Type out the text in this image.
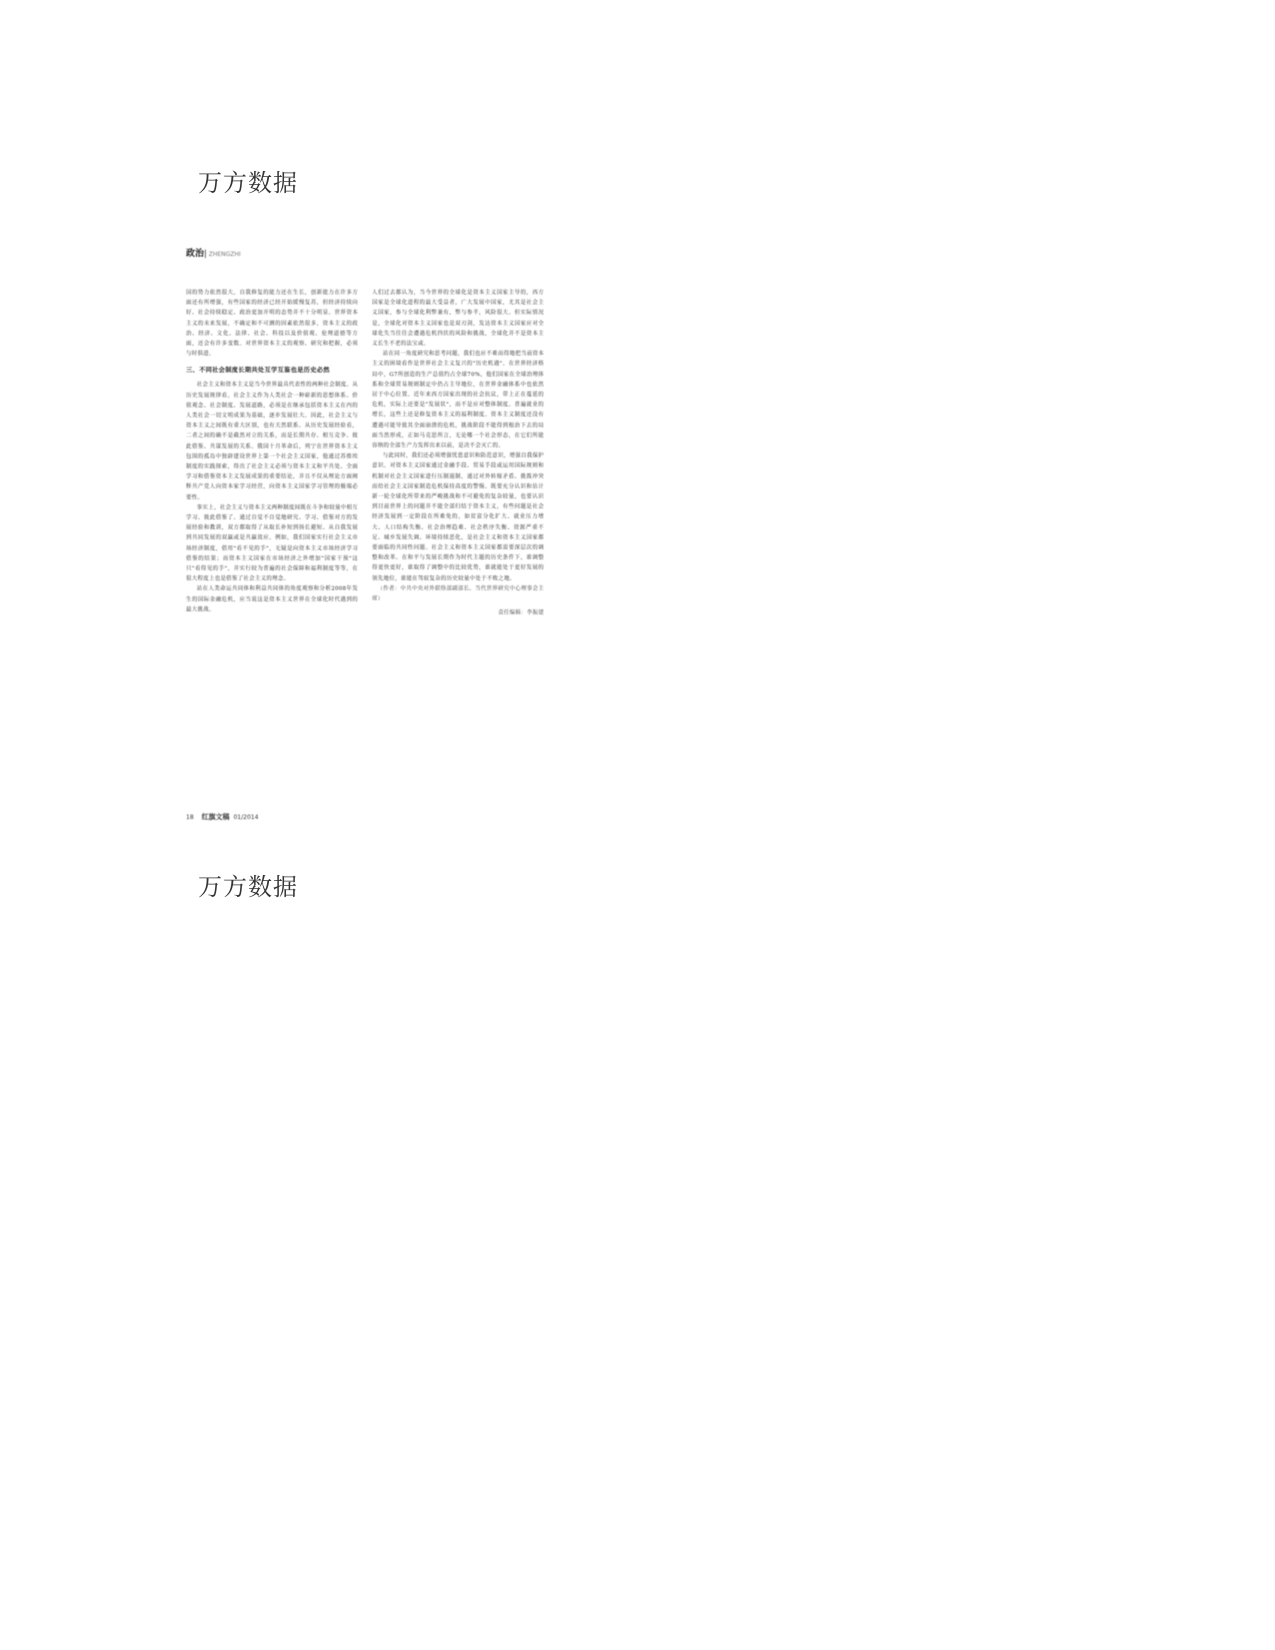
万方数据
政治| ZHENGZHI

国的势力依然很大，自我修复的能力还在生长，创新能力在许多方面还有所增强，有些国家的经济已经开始缓慢复苏，但经济持续向好、社会持续稳定、政治更加开明的态势并不十分明显。世界资本主义的未来发展，不确定和不可测的因素依然很多，资本主义的政治、经济、文化、法律、社会、科技以及价值观、伦理道德等方面，还会有许多变数。对世界资本主义的观察、研究和把握，必须与时俱进。

三、不同社会制度长期共处互学互鉴也是历史必然

社会主义和资本主义是当今世界最具代表性的两种社会制度。从历史发展规律看，社会主义作为人类社会一种崭新的思想体系、价值观念、社会制度、发展道路，必须是在继承包括资本主义在内的人类社会一切文明成果为基础，逐步发展壮大。因此，社会主义与资本主义之间既有重大区别，也有天然联系。从历史发展经验看，二者之间的确不是截然对立的关系，而是长期共存、相互竞争、彼此借鉴、共谋发展的关系。俄国十月革命后，列宁在世界资本主义包围的孤岛中独辟建设世界上第一个社会主义国家，他通过苏维埃制度的实践探索，得出了社会主义必须与资本主义和平共处、全面学习和借鉴资本主义发展成果的重要结论，并且不仅从理论方面阐释共产党人向资本家学习经营，向资本主义国家学习管理的极端必要性。

事实上，社会主义与资本主义两种制度间既在斗争和较量中相互学习、彼此借鉴了。通过自觉不自觉地研究、学习、借鉴对方的发展经验和教训，双方都取得了从取长补短到扬长避短、从自我发展到共同发展的双赢或是共赢效应。例如，我们国家实行社会主义市场经济制度，借用"看不见的手"，无疑是向资本主义市场经济学习借鉴的结果；而资本主义国家在市场经济之外增加"国家干预"这只"看得见的手"，并实行较为普遍的社会保障和福利制度等等，在很大程度上也是借鉴了社会主义的理念。

站在人类命运共同体和利益共同体的角度观察和分析2008年发生的国际金融危机，应当说这是资本主义世界在全球化时代遇到的最大挑战。

人们过去都认为，当今世界的全球化是资本主义国家主导的，西方国家是全球化进程的最大受益者，广大发展中国家，尤其是社会主义国家，参与全球化利弊兼有，弊与参半，风险很大。但实际情况是，全球化对资本主义国家也是双刃剑，发达资本主义国家应对全球化失当往往会遭遇危机四伏的风险和挑战，全球化并不是资本主义长生不老的法宝或。

站在同一角度研究和思考问题，我们也应不难而得地把当前资本主义的困境看作是世界社会主义复兴的"历史机遇"。在世界经济格局中，G7所创造的生产总值约占全球70%，他们国家在全球治理体系和全球贸易规则制定中仍占主导地位，在世界金融体系中也依然居于中心位置。近年来西方国家出现的社会抗议，带上正在蔓延的危机，实际上还要是"发展状"，而不是应对整体制度。普遍就业的增长，这些上还是修复资本主义的福利制度。资本主义制度还没有遭遇可能导致其全面崩溃的危机，挑战阶段不能得到根治下去的局面当然形成，正如马克思所言，无论哪一个社会形态，在它们所能容纳的全部生产力发挥出来以前，是决不会灭亡的。

与此同时，我们还必须增强忧患意识和防范意识，增强自我保护意识。对资本主义国家通过金融手段、贸易手段或运用国际规则和机制对社会主义国家进行压制遏制，通过对外转嫁矛盾、挑拨冲突而给社会主义国家制造危机保持高度的警惕。既要充分认识和估计新一轮全球化所带来的严峻挑战和不可避免的复杂较量，也要认识到目前世界上的问题并不能全部归结于资本主义，有些问题是社会经济发展到一定阶段在所难免的，如贫富分化扩大、就业压力增大、人口结构失衡、社会治理趋难、社会秩序失衡、资源严重不足、城乡发展失调、环境持续恶化，是社会主义和资本主义国家都要面临的共同性问题。社会主义和资本主义国家都需要深层次的调整和改革。在和平与发展长期作为时代主题的历史条件下，谁调整得更快更好，谁取得了调整中的比较优势，谁就能处于更好发展的领先地位，谁能在驾驭复杂的历史较量中处于不败之地。

（作者：中共中央对外联络部副部长、当代世界研究中心理事会主席）

责任编辑：李振建

18 红旗文稿 01/2014
万方数据
